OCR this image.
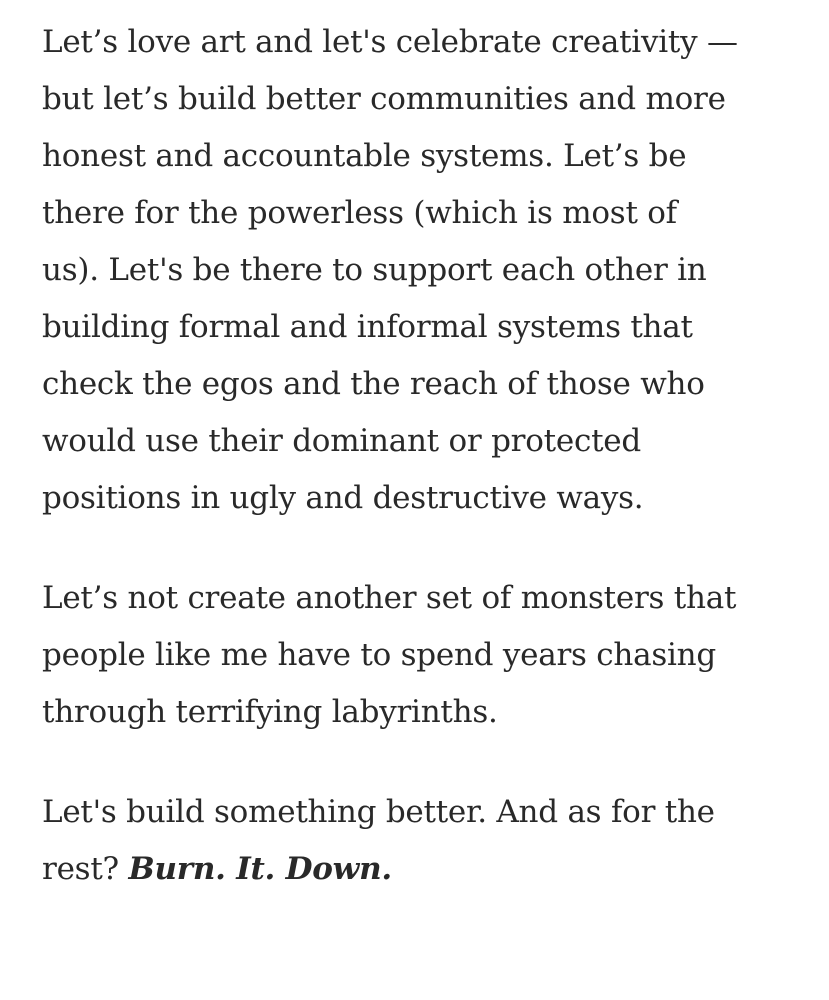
Let’s love art and let's celebrate creativity —
but let’s build better communities and more
honest and accountable systems. Let’s be
there for the powerless (which is most of
us). Let's be there to support each other in
building formal and informal systems that
check the egos and the reach of those who
would use their dominant or protected
positions in ugly and destructive ways.

Let’s not create another set of monsters that
people like me have to spend years chasing
through terrifying labyrinths.

Let's build something better. And as for the
rest? Burn. It. Down.
